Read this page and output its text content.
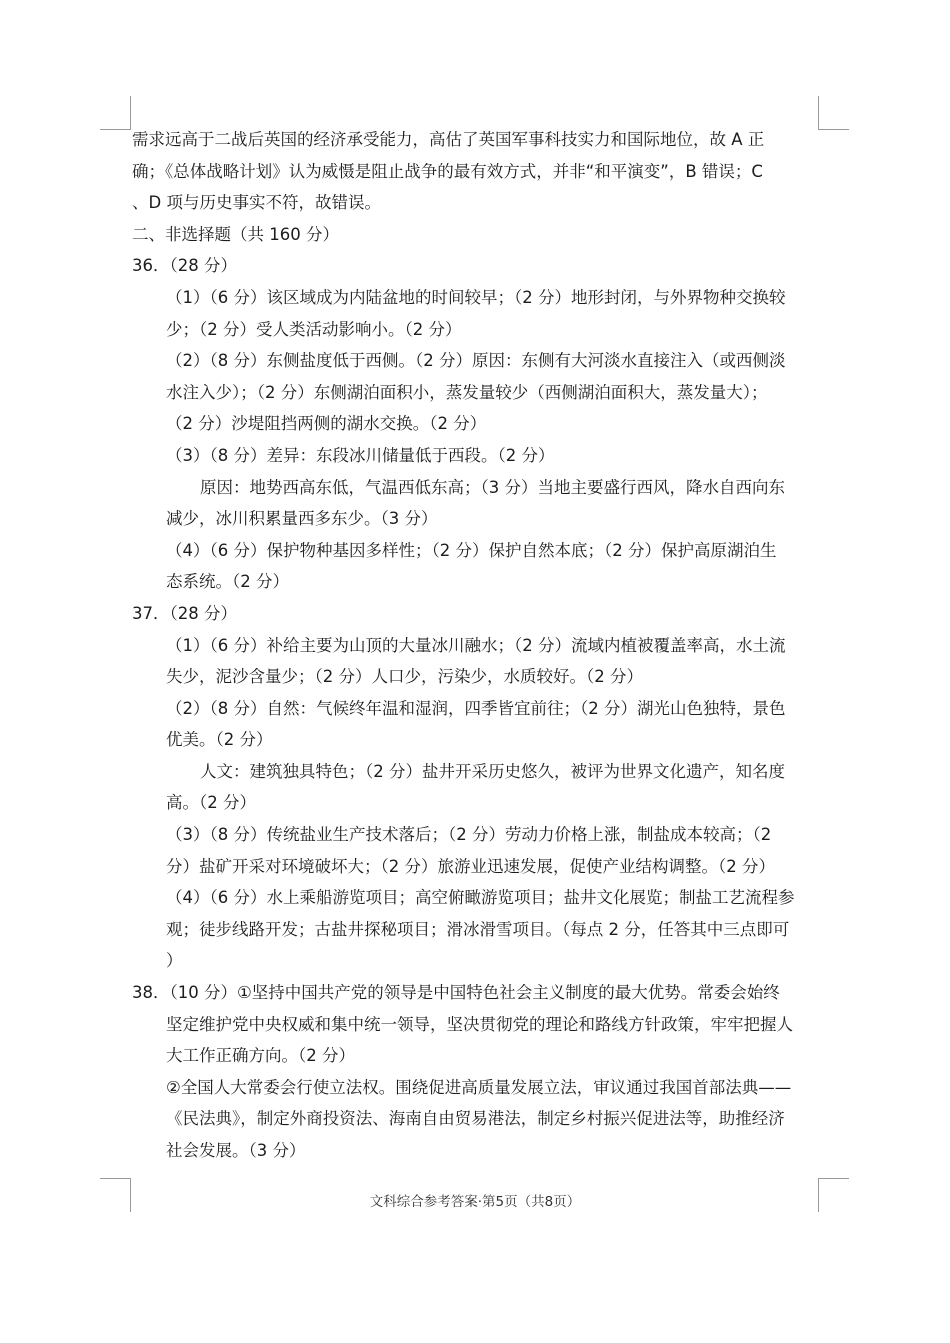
需求远高于二战后英国的经济承受能力，高估了英国军事科技实力和国际地位，故 A 正
确；《总体战略计划》认为威慑是阻止战争的最有效方式，并非“和平演变”，B 错误；C
、D 项与历史事实不符，故错误。
二、非选择题（共 160 分）
36．（28 分）
（1）（6 分）该区域成为内陆盆地的时间较早；（2 分）地形封闭，与外界物种交换较
少；（2 分）受人类活动影响小。（2 分）
（2）（8 分）东侧盐度低于西侧。（2 分）原因：东侧有大河淡水直接注入（或西侧淡
水注入少）；（2 分）东侧湖泊面积小，蒸发量较少（西侧湖泊面积大，蒸发量大）；
（2 分）沙堤阻挡两侧的湖水交换。（2 分）
（3）（8 分）差异：东段冰川储量低于西段。（2 分）
原因：地势西高东低，气温西低东高；（3 分）当地主要盛行西风，降水自西向东
减少，冰川积累量西多东少。（3 分）
（4）（6 分）保护物种基因多样性；（2 分）保护自然本底；（2 分）保护高原湖泊生
态系统。（2 分）
37．（28 分）
（1）（6 分）补给主要为山顶的大量冰川融水；（2 分）流域内植被覆盖率高，水土流
失少，泥沙含量少；（2 分）人口少，污染少，水质较好。（2 分）
（2）（8 分）自然：气候终年温和湿润，四季皆宜前往；（2 分）湖光山色独特，景色
优美。（2 分）
人文：建筑独具特色；（2 分）盐井开采历史悠久，被评为世界文化遗产，知名度
高。（2 分）
（3）（8 分）传统盐业生产技术落后；（2 分）劳动力价格上涨，制盐成本较高；（2
分）盐矿开采对环境破坏大；（2 分）旅游业迅速发展，促使产业结构调整。（2 分）
（4）（6 分）水上乘船游览项目；高空俯瞰游览项目；盐井文化展览；制盐工艺流程参
观；徒步线路开发；古盐井探秘项目；滑冰滑雪项目。（每点 2 分，任答其中三点即可
）
38．（10 分）①坚持中国共产党的领导是中国特色社会主义制度的最大优势。常委会始终
坚定维护党中央权威和集中统一领导，坚决贯彻党的理论和路线方针政策，牢牢把握人
大工作正确方向。（2 分）
②全国人大常委会行使立法权。围绕促进高质量发展立法，审议通过我国首部法典——
《民法典》，制定外商投资法、海南自由贸易港法，制定乡村振兴促进法等，助推经济
社会发展。（3 分）
文科综合参考答案·第5页（共8页）
